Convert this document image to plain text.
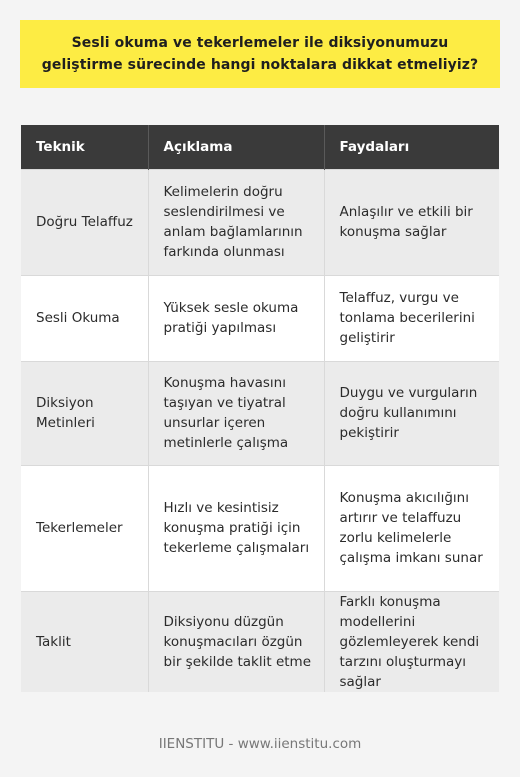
Sesli okuma ve tekerlemeler ile diksiyonumuzu geliştirme sürecinde hangi noktalara dikkat etmeliyiz?
Teknik	Açıklama	Faydaları
Doğru Telaffuz	Kelimelerin doğru seslendirilmesi ve anlam bağlamlarının farkında olunması	Anlaşılır ve etkili bir konuşma sağlar
Sesli Okuma	Yüksek sesle okuma pratiği yapılması	Telaffuz, vurgu ve tonlama becerilerini geliştirir
Diksiyon Metinleri	Konuşma havasını taşıyan ve tiyatral unsurlar içeren metinlerle çalışma	Duygu ve vurguların doğru kullanımını pekiştirir
Tekerlemeler	Hızlı ve kesintisiz konuşma pratiği için tekerleme çalışmaları	Konuşma akıcılığını artırır ve telaffuzu zorlu kelimelerle çalışma imkanı sunar
Taklit	Diksiyonu düzgün konuşmacıları özgün bir şekilde taklit etme	Farklı konuşma modellerini gözlemleyerek kendi tarzını oluşturmayı sağlar
IIENSTITU - www.iienstitu.com
